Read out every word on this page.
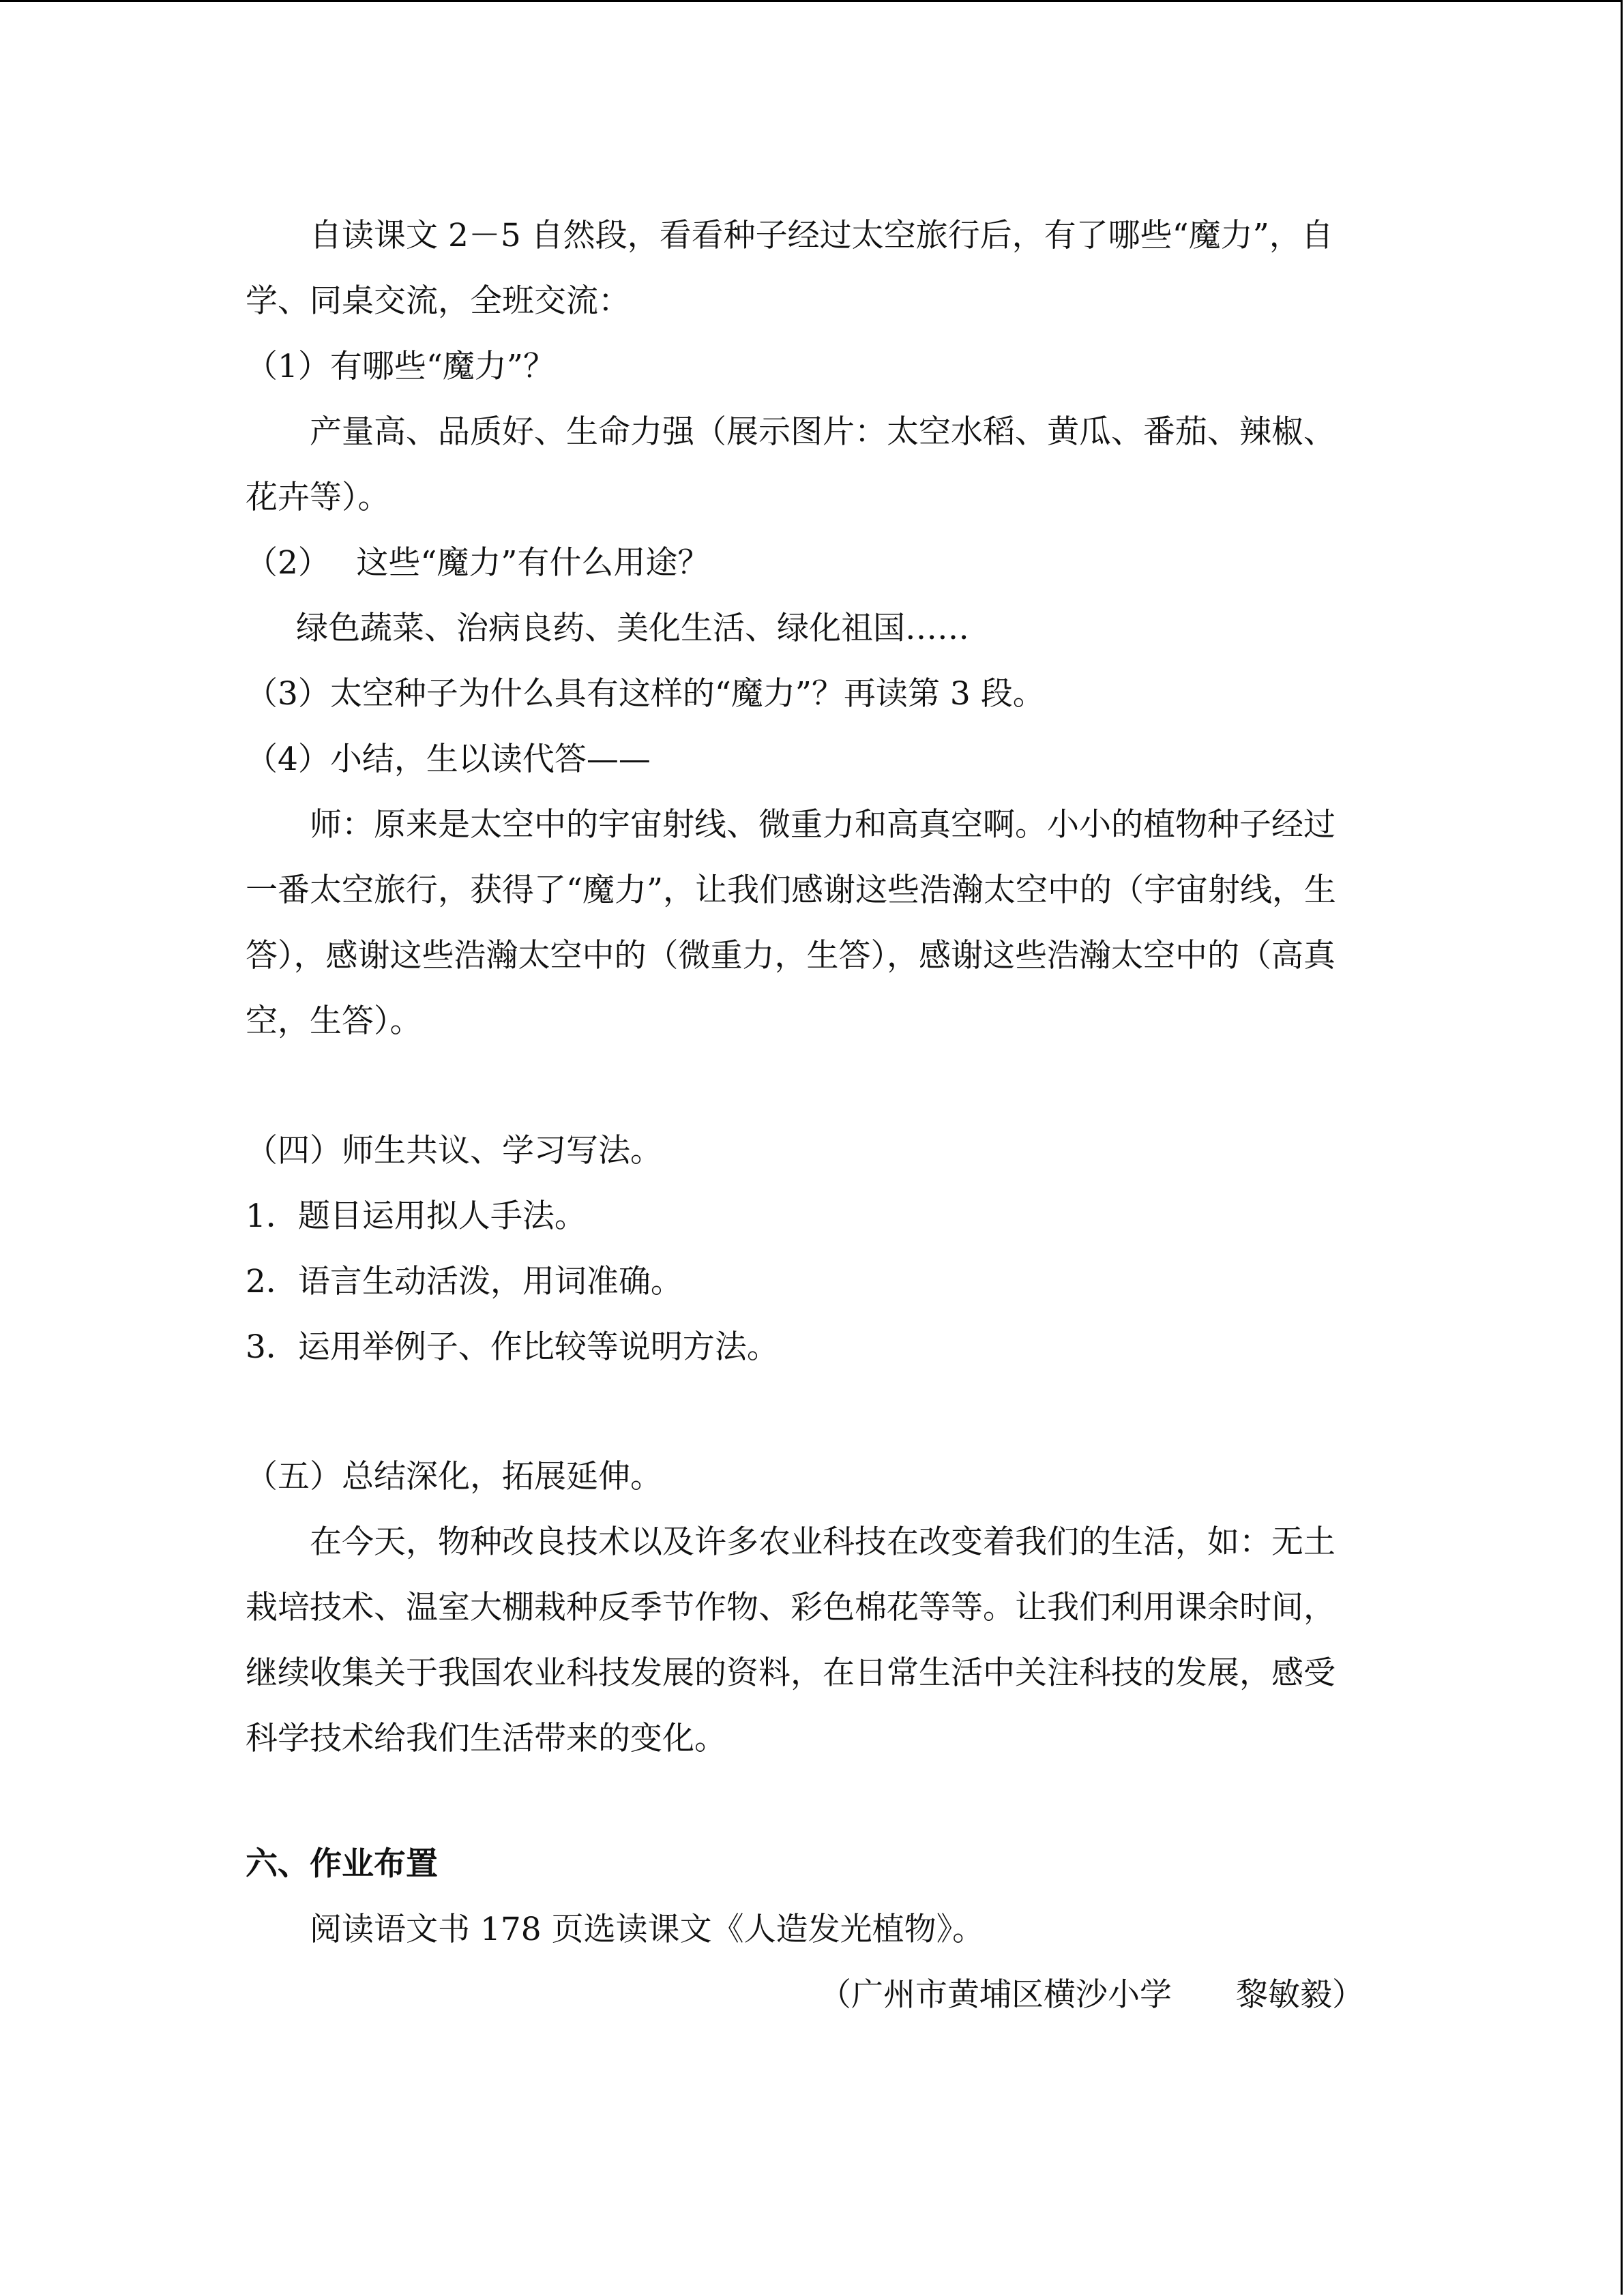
自读课文 2－5 自然段，看看种子经过太空旅行后，有了哪些“魔力”，自
学、同桌交流，全班交流：
（1）有哪些“魔力”？
产量高、品质好、生命力强（展示图片：太空水稻、黄瓜、番茄、辣椒、
花卉等）。
（2）　 这些“魔力”有什么用途？
绿色蔬菜、治病良药、美化生活、绿化祖国……
（3）太空种子为什么具有这样的“魔力”？再读第 3 段。
（4）小结，生以读代答——
师：原来是太空中的宇宙射线、微重力和高真空啊。小小的植物种子经过
一番太空旅行，获得了“魔力”，让我们感谢这些浩瀚太空中的（宇宙射线，生
答），感谢这些浩瀚太空中的（微重力，生答），感谢这些浩瀚太空中的（高真
空，生答）。
（四）师生共议、学习写法。
1．题目运用拟人手法。
2．语言生动活泼，用词准确。
3．运用举例子、作比较等说明方法。
（五）总结深化，拓展延伸。
在今天，物种改良技术以及许多农业科技在改变着我们的生活，如：无土
栽培技术、温室大棚栽种反季节作物、彩色棉花等等。让我们利用课余时间，
继续收集关于我国农业科技发展的资料，在日常生活中关注科技的发展，感受
科学技术给我们生活带来的变化。
六、作业布置
阅读语文书 178 页选读课文《人造发光植物》。
（广州市黄埔区横沙小学　　黎敏毅）
